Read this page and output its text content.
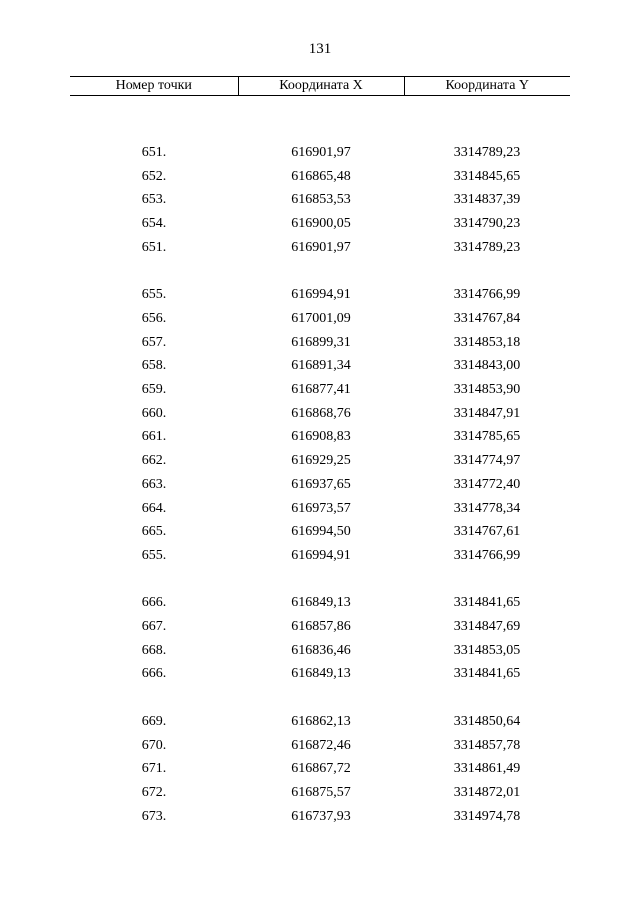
131
Номер точки	Координата X	Координата Y

651.	616901,97	3314789,23
652.	616865,48	3314845,65
653.	616853,53	3314837,39
654.	616900,05	3314790,23
651.	616901,97	3314789,23

655.	616994,91	3314766,99
656.	617001,09	3314767,84
657.	616899,31	3314853,18
658.	616891,34	3314843,00
659.	616877,41	3314853,90
660.	616868,76	3314847,91
661.	616908,83	3314785,65
662.	616929,25	3314774,97
663.	616937,65	3314772,40
664.	616973,57	3314778,34
665.	616994,50	3314767,61
655.	616994,91	3314766,99

666.	616849,13	3314841,65
667.	616857,86	3314847,69
668.	616836,46	3314853,05
666.	616849,13	3314841,65

669.	616862,13	3314850,64
670.	616872,46	3314857,78
671.	616867,72	3314861,49
672.	616875,57	3314872,01
673.	616737,93	3314974,78
